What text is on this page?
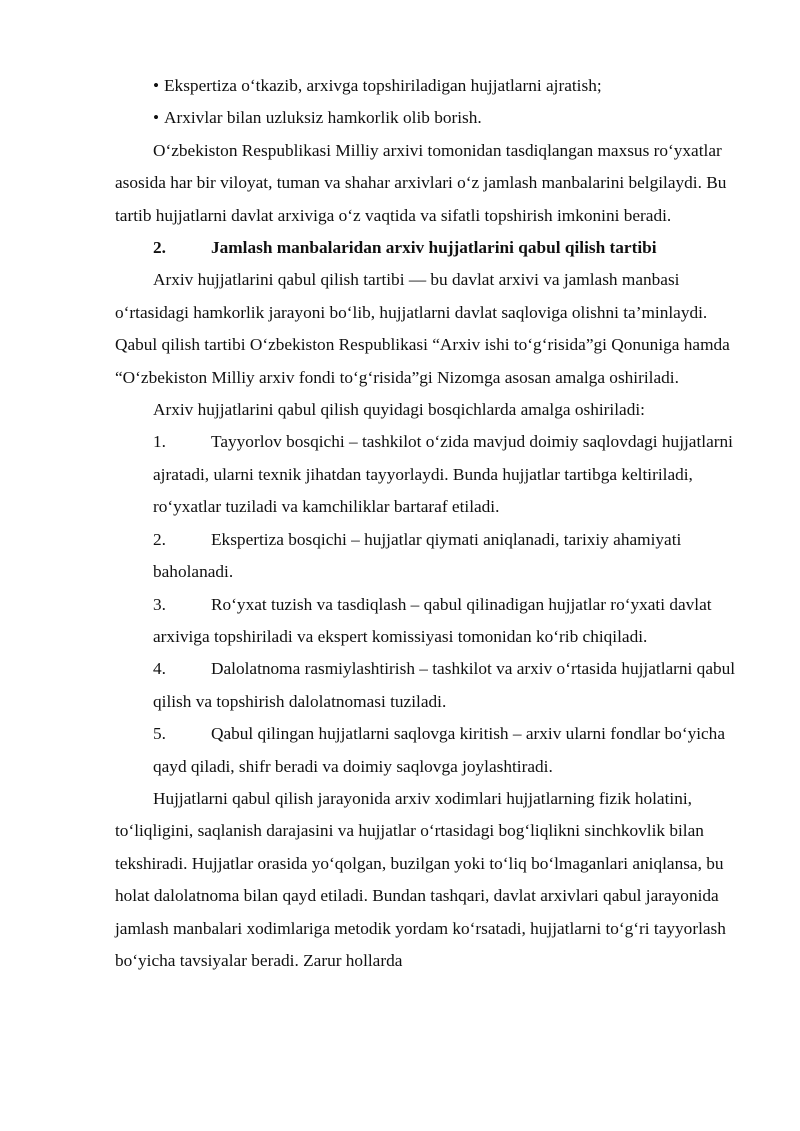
• Ekspertiza o‘tkazib, arxivga topshiriladigan hujjatlarni ajratish;

• Arxivlar bilan uzluksiz hamkorlik olib borish.

O‘zbekiston Respublikasi Milliy arxivi tomonidan tasdiqlangan maxsus ro‘yxatlar asosida har bir viloyat, tuman va shahar arxivlari o‘z jamlash manbalarini belgilaydi. Bu tartib hujjatlarni davlat arxiviga o‘z vaqtida va sifatli topshirish imkonini beradi.

2.	Jamlash manbalaridan arxiv hujjatlarini qabul qilish tartibi

Arxiv hujjatlarini qabul qilish tartibi — bu davlat arxivi va jamlash manbasi o‘rtasidagi hamkorlik jarayoni bo‘lib, hujjatlarni davlat saqloviga olishni ta’minlaydi. Qabul qilish tartibi O‘zbekiston Respublikasi “Arxiv ishi to‘g‘risida”gi Qonuniga hamda “O‘zbekiston Milliy arxiv fondi to‘g‘risida”gi Nizomga asosan amalga oshiriladi.

Arxiv hujjatlarini qabul qilish quyidagi bosqichlarda amalga oshiriladi:

1.	Tayyorlov bosqichi – tashkilot o‘zida mavjud doimiy saqlovdagi hujjatlarni ajratadi, ularni texnik jihatdan tayyorlaydi. Bunda hujjatlar tartibga keltiriladi, ro‘yxatlar tuziladi va kamchiliklar bartaraf etiladi.

2.	Ekspertiza bosqichi – hujjatlar qiymati aniqlanadi, tarixiy ahamiyati baholanadi.

3.	Ro‘yxat tuzish va tasdiqlash – qabul qilinadigan hujjatlar ro‘yxati davlat arxiviga topshiriladi va ekspert komissiyasi tomonidan ko‘rib chiqiladi.

4.	Dalolatnoma rasmiylashtirish – tashkilot va arxiv o‘rtasida hujjatlarni qabul qilish va topshirish dalolatnomasi tuziladi.

5.	Qabul qilingan hujjatlarni saqlovga kiritish – arxiv ularni fondlar bo‘yicha qayd qiladi, shifr beradi va doimiy saqlovga joylashtiradi.

Hujjatlarni qabul qilish jarayonida arxiv xodimlari hujjatlarning fizik holatini, to‘liqligini, saqlanish darajasini va hujjatlar o‘rtasidagi bog‘liqlikni sinchkovlik bilan tekshiradi. Hujjatlar orasida yo‘qolgan, buzilgan yoki to‘liq bo‘lmaganlari aniqlansa, bu holat dalolatnoma bilan qayd etiladi. Bundan tashqari, davlat arxivlari qabul jarayonida jamlash manbalari xodimlariga metodik yordam ko‘rsatadi, hujjatlarni to‘g‘ri tayyorlash bo‘yicha tavsiyalar beradi. Zarur hollarda
